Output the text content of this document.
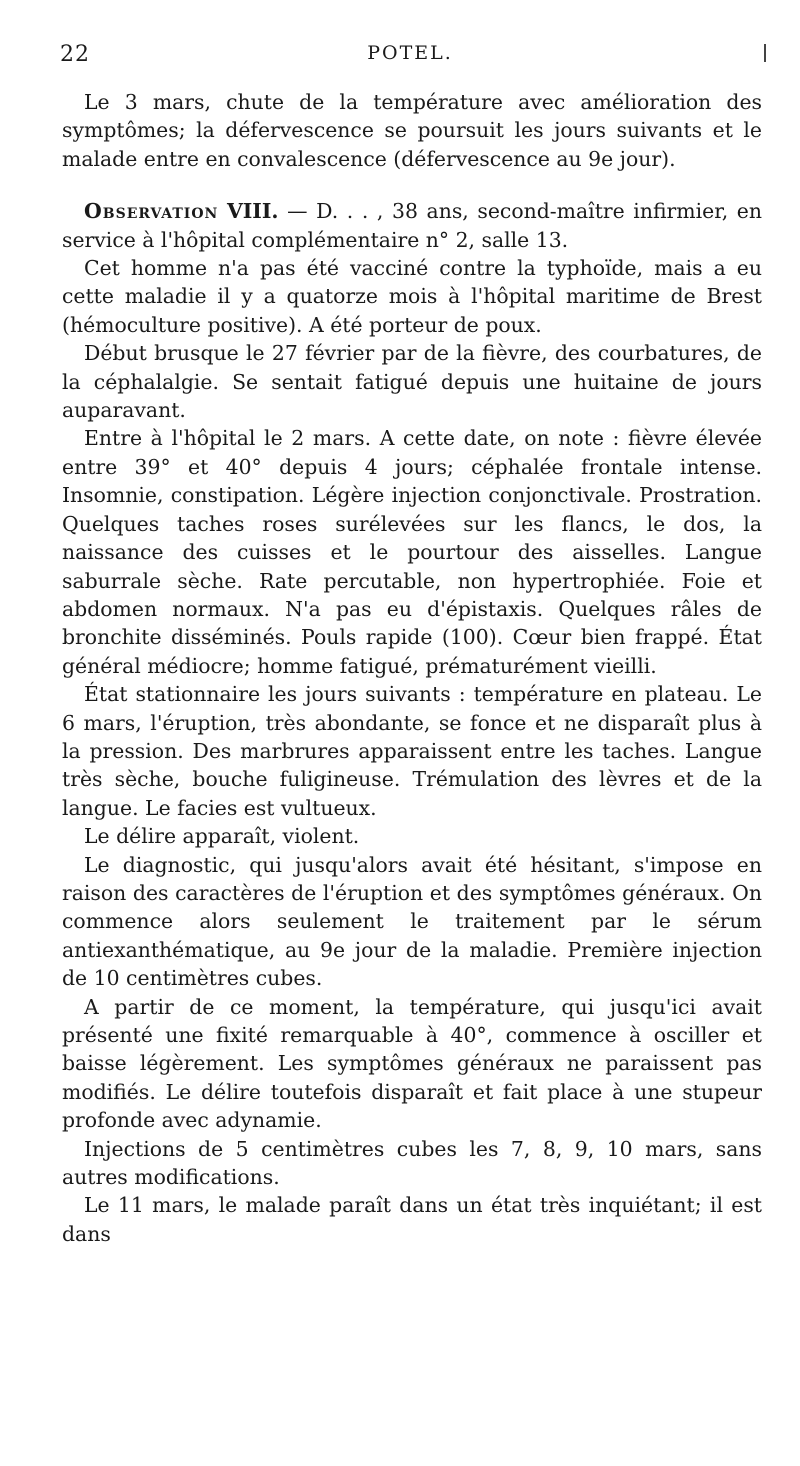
22	POTEL.

Le 3 mars, chute de la température avec amélioration des symptômes; la défervescence se poursuit les jours suivants et le malade entre en convalescence (défervescence au 9e jour).

Observation VIII. — D. . . , 38 ans, second-maître infirmier, en service à l'hôpital complémentaire n° 2, salle 13.

Cet homme n'a pas été vacciné contre la typhoïde, mais a eu cette maladie il y a quatorze mois à l'hôpital maritime de Brest (hémoculture positive). A été porteur de poux.

Début brusque le 27 février par de la fièvre, des courbatures, de la céphalalgie. Se sentait fatigué depuis une huitaine de jours auparavant.

Entre à l'hôpital le 2 mars. A cette date, on note : fièvre élevée entre 39° et 40° depuis 4 jours; céphalée frontale intense. Insomnie, constipation. Légère injection conjonctivale. Prostration. Quelques taches roses surélevées sur les flancs, le dos, la naissance des cuisses et le pourtour des aisselles. Langue saburrale sèche. Rate percutable, non hypertrophiée. Foie et abdomen normaux. N'a pas eu d'épistaxis. Quelques râles de bronchite disséminés. Pouls rapide (100). Cœur bien frappé. État général médiocre; homme fatigué, prématurément vieilli.

État stationnaire les jours suivants : température en plateau. Le 6 mars, l'éruption, très abondante, se fonce et ne disparaît plus à la pression. Des marbrures apparaissent entre les taches. Langue très sèche, bouche fuligineuse. Trémulation des lèvres et de la langue. Le facies est vultueux.

Le délire apparaît, violent.

Le diagnostic, qui jusqu'alors avait été hésitant, s'impose en raison des caractères de l'éruption et des symptômes généraux. On commence alors seulement le traitement par le sérum antiexanthématique, au 9e jour de la maladie. Première injection de 10 centimètres cubes.

A partir de ce moment, la température, qui jusqu'ici avait présenté une fixité remarquable à 40°, commence à osciller et baisse légèrement. Les symptômes généraux ne paraissent pas modifiés. Le délire toutefois disparaît et fait place à une stupeur profonde avec adynamie.

Injections de 5 centimètres cubes les 7, 8, 9, 10 mars, sans autres modifications.

Le 11 mars, le malade paraît dans un état très inquiétant; il est dans
